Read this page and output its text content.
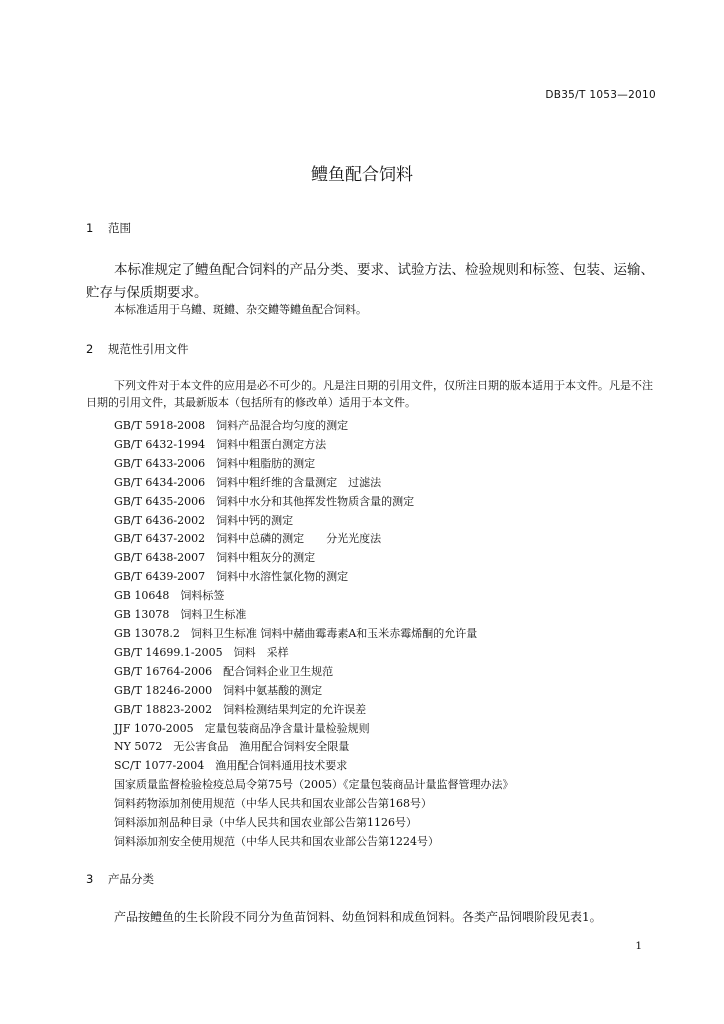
DB35/T 1053—2010
鳢鱼配合饲料
1 范围
本标准规定了鳢鱼配合饲料的产品分类、要求、试验方法、检验规则和标签、包装、运输、贮存与保质期要求。
本标准适用于乌鳢、斑鳢、杂交鳢等鳢鱼配合饲料。
2 规范性引用文件
下列文件对于本文件的应用是必不可少的。凡是注日期的引用文件，仅所注日期的版本适用于本文件。凡是不注日期的引用文件，其最新版本（包括所有的修改单）适用于本文件。
GB/T 5918-2008　饲料产品混合均匀度的测定
GB/T 6432-1994　饲料中粗蛋白测定方法
GB/T 6433-2006　饲料中粗脂肪的测定
GB/T 6434-2006　饲料中粗纤维的含量测定　过滤法
GB/T 6435-2006　饲料中水分和其他挥发性物质含量的测定
GB/T 6436-2002　饲料中钙的测定
GB/T 6437-2002　饲料中总磷的测定　　分光光度法
GB/T 6438-2007　饲料中粗灰分的测定
GB/T 6439-2007　饲料中水溶性氯化物的测定
GB 10648　饲料标签
GB 13078　饲料卫生标准
GB 13078.2　饲料卫生标准 饲料中赭曲霉毒素A和玉米赤霉烯酮的允许量
GB/T 14699.1-2005　饲料　采样
GB/T 16764-2006　配合饲料企业卫生规范
GB/T 18246-2000　饲料中氨基酸的测定
GB/T 18823-2002　饲料检测结果判定的允许误差
JJF 1070-2005　定量包装商品净含量计量检验规则
NY 5072　无公害食品　渔用配合饲料安全限量
SC/T 1077-2004　渔用配合饲料通用技术要求
国家质量监督检验检疫总局令第75号（2005）《定量包装商品计量监督管理办法》
饲料药物添加剂使用规范（中华人民共和国农业部公告第168号）
饲料添加剂品种目录（中华人民共和国农业部公告第1126号）
饲料添加剂安全使用规范（中华人民共和国农业部公告第1224号）
3 产品分类
产品按鳢鱼的生长阶段不同分为鱼苗饲料、幼鱼饲料和成鱼饲料。各类产品饲喂阶段见表1。
1
